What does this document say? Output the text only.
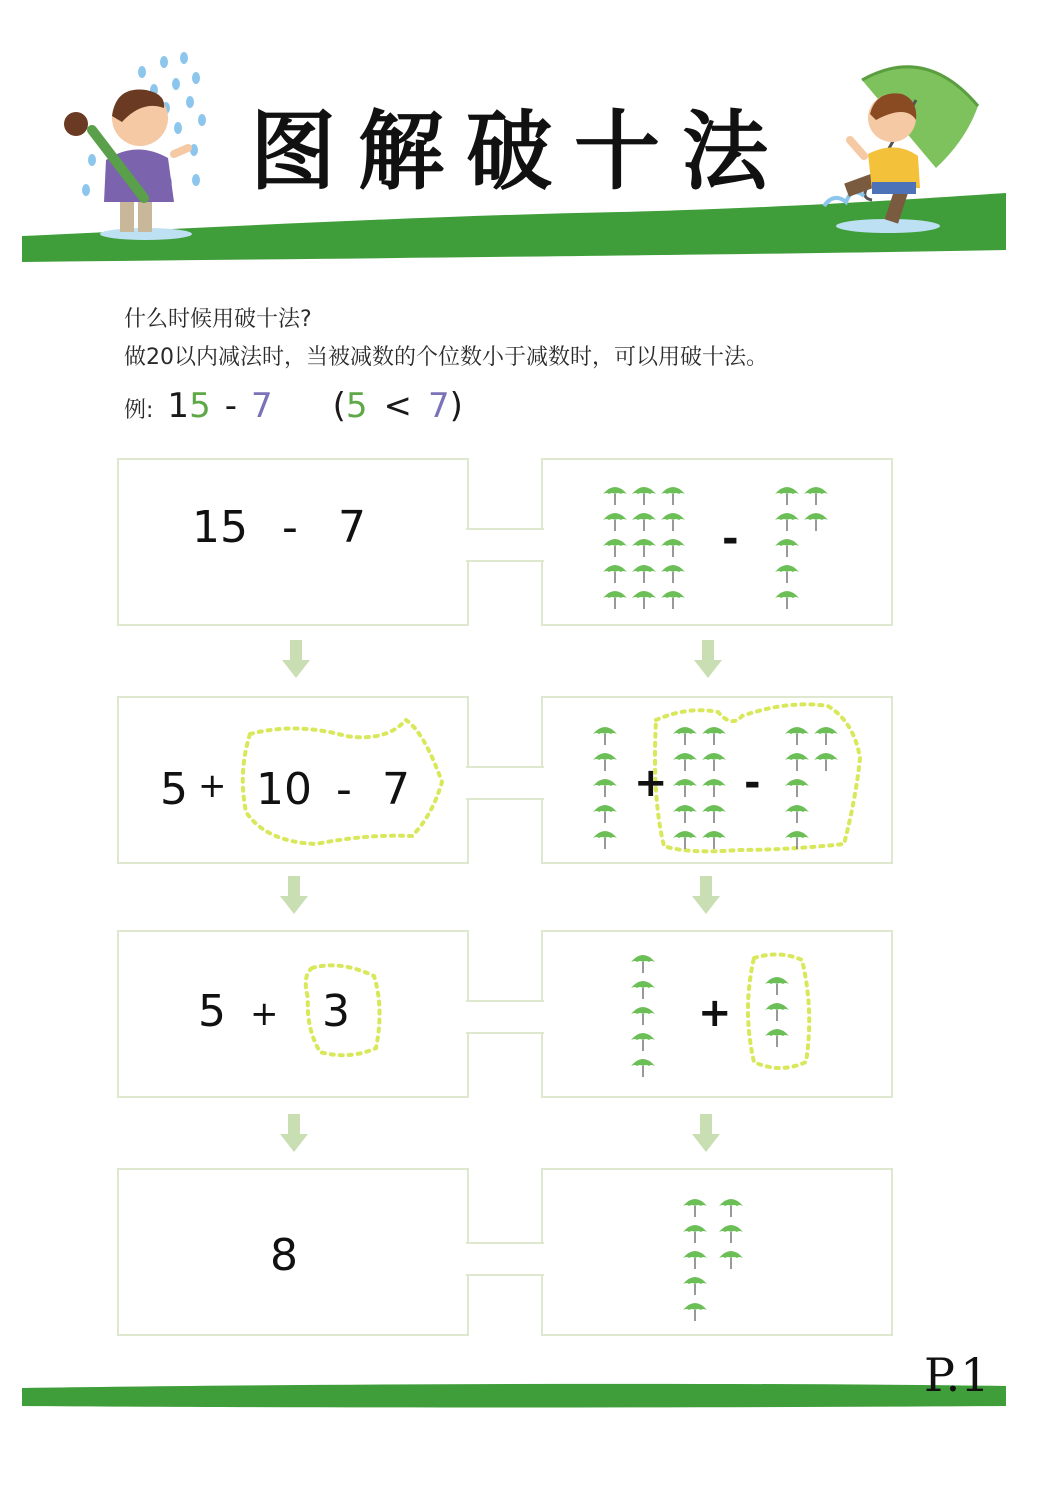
图解破十法
什么时候用破十法?
做20以内减法时，当被减数的个位数小于减数时，可以用破十法。
例: 1 5 - 7 ( 5 < 7 )
15 - 7	-
5 + 10 - 7	+ -
5 + 3	+
8
P.1
